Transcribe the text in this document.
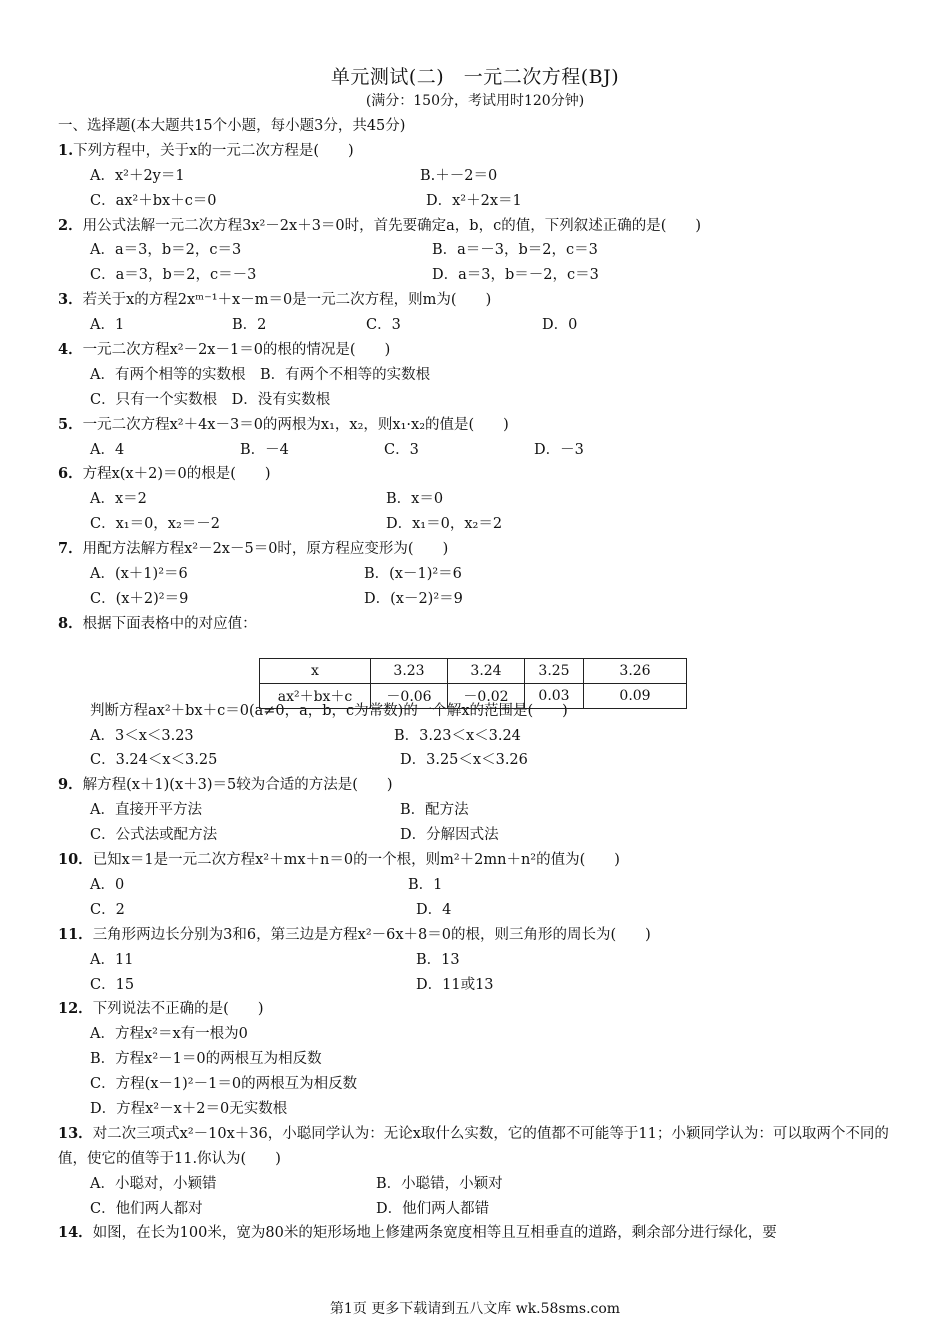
单元测试(二)　一元二次方程(BJ)
(满分：150分，考试用时120分钟)
一、选择题(本大题共15个小题，每小题3分，共45分)
1.下列方程中，关于x的一元二次方程是(　　)
A．x²＋2y＝1	B.＋－2＝0
C．ax²＋bx＋c＝0	D．x²＋2x＝1
2．用公式法解一元二次方程3x²－2x＋3＝0时，首先要确定a，b，c的值，下列叙述正确的是(　　)
A．a＝3，b＝2，c＝3	B．a＝－3，b＝2，c＝3
C．a＝3，b＝2，c＝－3	D．a＝3，b＝－2，c＝3
3．若关于x的方程2xᵐ⁻¹＋x－m＝0是一元二次方程，则m为(　　)
A．1	B．2	C．3	D．0
4．一元二次方程x²－2x－1＝0的根的情况是(　　)
A．有两个相等的实数根　B．有两个不相等的实数根
C．只有一个实数根　D．没有实数根
5．一元二次方程x²＋4x－3＝0的两根为x₁，x₂，则x₁·x₂的值是(　　)
A．4	B．－4	C．3	D．－3
6．方程x(x＋2)＝0的根是(　　)
A．x＝2	B．x＝0
C．x₁＝0，x₂＝－2	D．x₁＝0，x₂＝2
7．用配方法解方程x²－2x－5＝0时，原方程应变形为(　　)
A．(x＋1)²＝6	B．(x－1)²＝6
C．(x＋2)²＝9	D．(x－2)²＝9
8．根据下面表格中的对应值：
判断方程ax²＋bx＋c＝0(a≠0，a，b，c为常数)的一个解x的范围是(　　)
A．3＜x＜3.23	B．3.23＜x＜3.24
C．3.24＜x＜3.25	D．3.25＜x＜3.26
9．解方程(x＋1)(x＋3)＝5较为合适的方法是(　　)
A．直接开平方法	B．配方法
C．公式法或配方法	D．分解因式法
10．已知x＝1是一元二次方程x²＋mx＋n＝0的一个根，则m²＋2mn＋n²的值为(　　)
A．0	B．1
C．2	D．4
11．三角形两边长分别为3和6，第三边是方程x²－6x＋8＝0的根，则三角形的周长为(　　)
A．11	B．13
C．15	D．11或13
12．下列说法不正确的是(　　)
A．方程x²＝x有一根为0
B．方程x²－1＝0的两根互为相反数
C．方程(x－1)²－1＝0的两根互为相反数
D．方程x²－x＋2＝0无实数根
13．对二次三项式x²－10x＋36，小聪同学认为：无论x取什么实数，它的值都不可能等于11；小颖同学认为：可以取两个不同的值，使它的值等于11.你认为(　　)
A．小聪对，小颖错	B．小聪错，小颖对
C．他们两人都对	D．他们两人都错
14．如图，在长为100米，宽为80米的矩形场地上修建两条宽度相等且互相垂直的道路，剩余部分进行绿化，要
x	3.23	3.24	3.25	3.26
ax²＋bx＋c	－0.06	－0.02	0.03	0.09
第1页 更多下载请到五八文库 wk.58sms.com
